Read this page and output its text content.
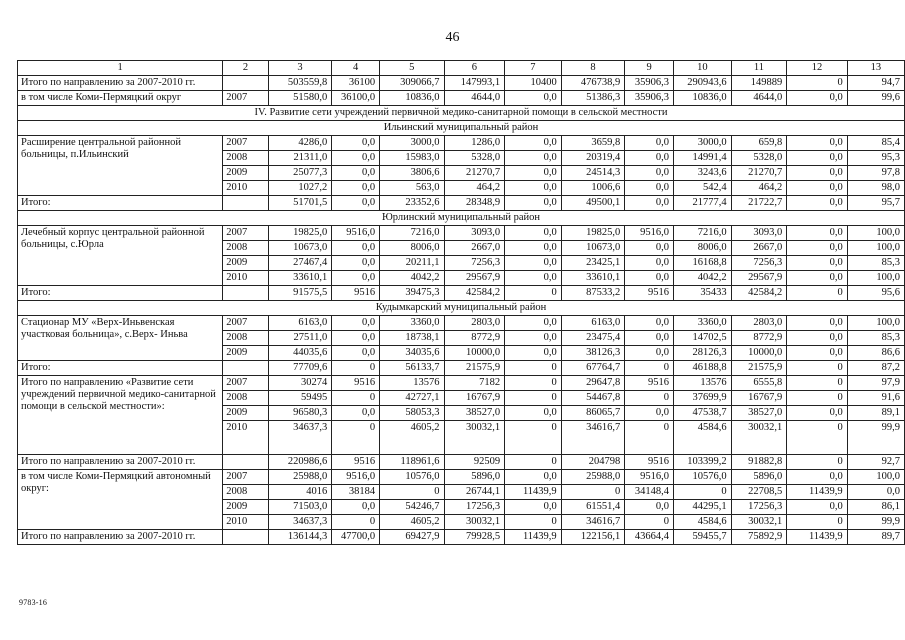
46
1	2	3	4	5	6	7	8	9	10	11	12	13
Итого по направлению за 2007-2010 гг.		503559,8	36100	309066,7	147993,1	10400	476738,9	35906,3	290943,6	149889	0	94,7
в том числе Коми-Пермяцкий округ	2007	51580,0	36100,0	10836,0	4644,0	0,0	51386,3	35906,3	10836,0	4644,0	0,0	99,6
IV. Развитие сети учреждений первичной медико-санитарной помощи в сельской местности												
Ильинский муниципальный район												
Расширение центральной районной больницы, п.Ильинский	2007	4286,0	0,0	3000,0	1286,0	0,0	3659,8	0,0	3000,0	659,8	0,0	85,4
	2008	21311,0	0,0	15983,0	5328,0	0,0	20319,4	0,0	14991,4	5328,0	0,0	95,3
	2009	25077,3	0,0	3806,6	21270,7	0,0	24514,3	0,0	3243,6	21270,7	0,0	97,8
	2010	1027,2	0,0	563,0	464,2	0,0	1006,6	0,0	542,4	464,2	0,0	98,0
Итого:		51701,5	0,0	23352,6	28348,9	0,0	49500,1	0,0	21777,4	21722,7	0,0	95,7
Юрлинский муниципальный район												
Лечебный корпус центральной районной больницы, с.Юрла	2007	19825,0	9516,0	7216,0	3093,0	0,0	19825,0	9516,0	7216,0	3093,0	0,0	100,0
	2008	10673,0	0,0	8006,0	2667,0	0,0	10673,0	0,0	8006,0	2667,0	0,0	100,0
	2009	27467,4	0,0	20211,1	7256,3	0,0	23425,1	0,0	16168,8	7256,3	0,0	85,3
	2010	33610,1	0,0	4042,2	29567,9	0,0	33610,1	0,0	4042,2	29567,9	0,0	100,0
Итого:		91575,5	9516	39475,3	42584,2	0	87533,2	9516	35433	42584,2	0	95,6
Кудымкарский муниципальный район												
Стационар МУ «Верх-Иньвенская участковая больница», с.Верх- Иньва	2007	6163,0	0,0	3360,0	2803,0	0,0	6163,0	0,0	3360,0	2803,0	0,0	100,0
	2008	27511,0	0,0	18738,1	8772,9	0,0	23475,4	0,0	14702,5	8772,9	0,0	85,3
	2009	44035,6	0,0	34035,6	10000,0	0,0	38126,3	0,0	28126,3	10000,0	0,0	86,6
Итого:		77709,6	0	56133,7	21575,9	0	67764,7	0	46188,8	21575,9	0	87,2
Итого по направлению «Развитие сети учреждений первичной медико-санитарной помощи в сельской местности»:	2007	30274	9516	13576	7182	0	29647,8	9516	13576	6555,8	0	97,9
	2008	59495	0	42727,1	16767,9	0	54467,8	0	37699,9	16767,9	0	91,6
	2009	96580,3	0,0	58053,3	38527,0	0,0	86065,7	0,0	47538,7	38527,0	0,0	89,1
	2010	34637,3	0	4605,2	30032,1	0	34616,7	0	4584,6	30032,1	0	99,9
Итого по направлению за 2007-2010 гг.		220986,6	9516	118961,6	92509	0	204798	9516	103399,2	91882,8	0	92,7
в том числе Коми-Пермяцкий автономный округ:	2007	25988,0	9516,0	10576,0	5896,0	0,0	25988,0	9516,0	10576,0	5896,0	0,0	100,0
	2008	4016	38184	0	26744,1	11439,9	0	34148,4	0	22708,5	11439,9	0,0
	2009	71503,0	0,0	54246,7	17256,3	0,0	61551,4	0,0	44295,1	17256,3	0,0	86,1
	2010	34637,3	0	4605,2	30032,1	0	34616,7	0	4584,6	30032,1	0	99,9
Итого по направлению за 2007-2010 гг.		136144,3	47700,0	69427,9	79928,5	11439,9	122156,1	43664,4	59455,7	75892,9	11439,9	89,7
9783-16
